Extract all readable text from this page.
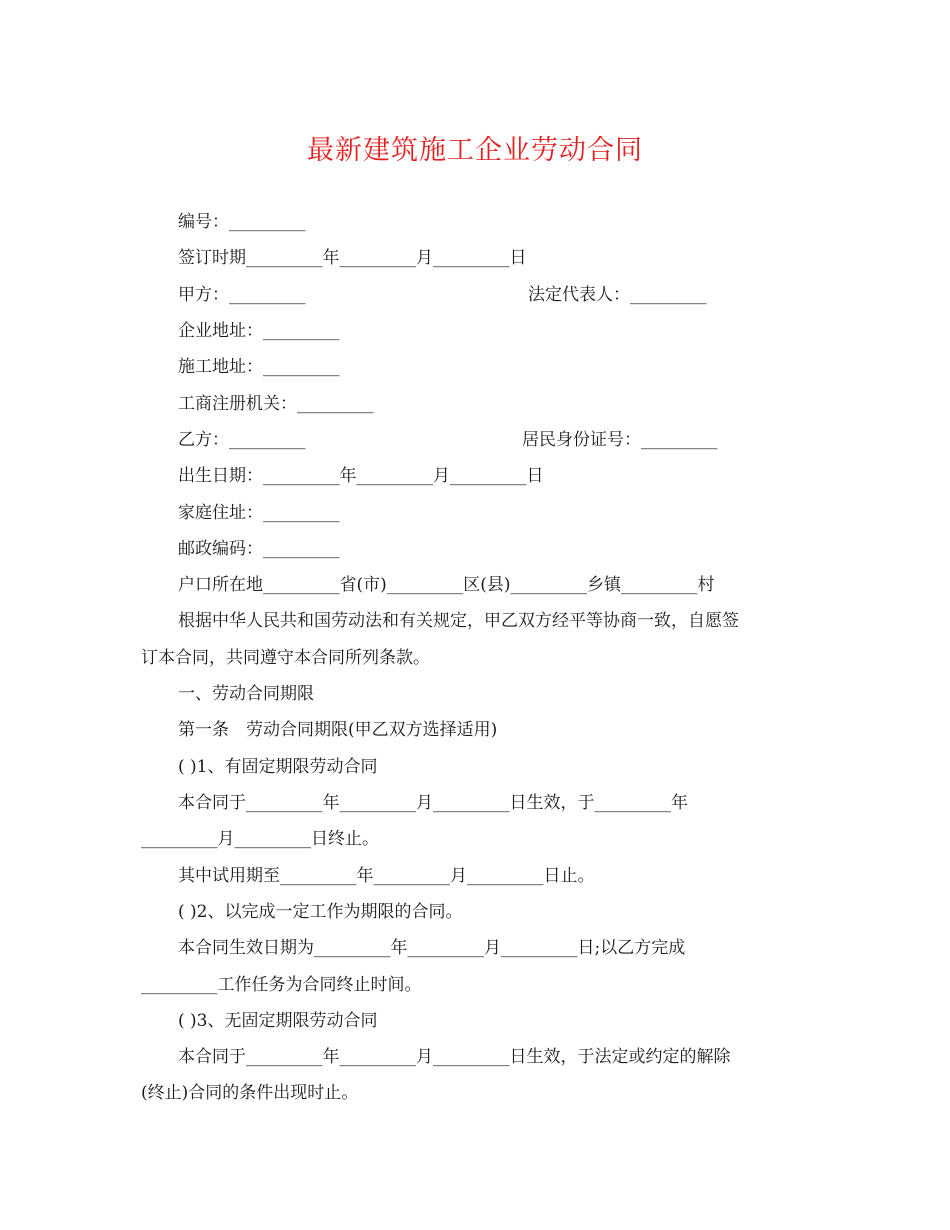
最新建筑施工企业劳动合同
编号：_________
签订时期_________年_________月_________日
甲方：_________	法定代表人：_________
企业地址：_________
施工地址：_________
工商注册机关：_________
乙方：_________	居民身份证号：_________
出生日期：_________年_________月_________日
家庭住址：_________
邮政编码：_________
户口所在地_________省(市)_________区(县)_________乡镇_________村
根据中华人民共和国劳动法和有关规定，甲乙双方经平等协商一致，自愿签
订本合同，共同遵守本合同所列条款。
一、劳动合同期限
第一条　劳动合同期限(甲乙双方选择适用)
( )1、有固定期限劳动合同
本合同于_________年_________月_________日生效，于_________年
_________月_________日终止。
其中试用期至_________年_________月_________日止。
( )2、以完成一定工作为期限的合同。
本合同生效日期为_________年_________月_________日;以乙方完成
_________工作任务为合同终止时间。
( )3、无固定期限劳动合同
本合同于_________年_________月_________日生效，于法定或约定的解除
(终止)合同的条件出现时止。
